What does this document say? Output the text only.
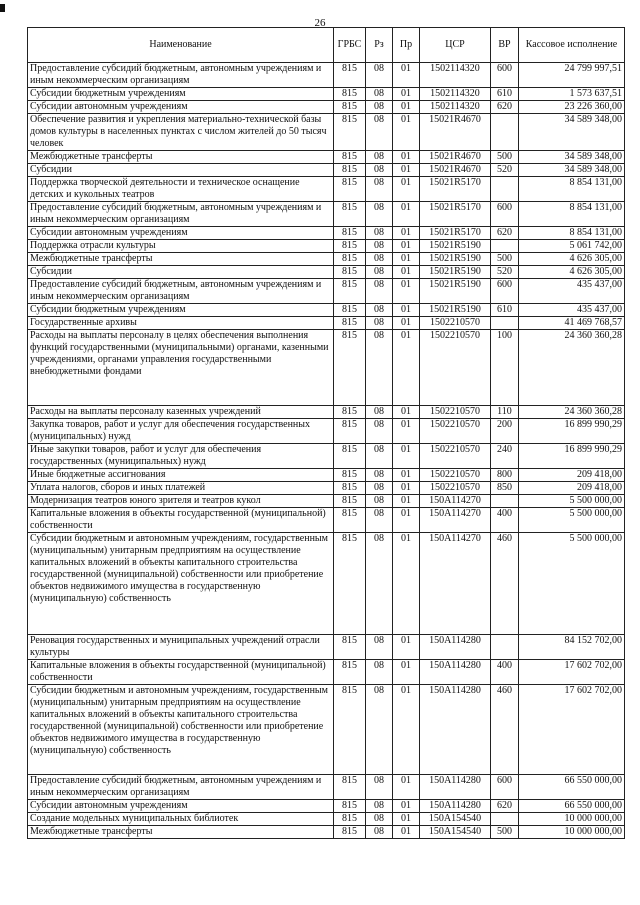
26
Наименование	ГРБС	Рз	Пр	ЦСР	ВР	Кассовое исполнение
Предоставление субсидий бюджетным, автономным учреждениям и иным некоммерческим организациям	815	08	01	1502114320	600	24 799 997,51
Субсидии бюджетным учреждениям	815	08	01	1502114320	610	1 573 637,51
Субсидии автономным учреждениям	815	08	01	1502114320	620	23 226 360,00
Обеспечение развития и укрепления материально-технической базы домов культуры в населенных пунктах с числом жителей до 50 тысяч человек	815	08	01	15021R4670		34 589 348,00
Межбюджетные трансферты	815	08	01	15021R4670	500	34 589 348,00
Субсидии	815	08	01	15021R4670	520	34 589 348,00
Поддержка творческой деятельности и техническое оснащение детских и кукольных театров	815	08	01	15021R5170		8 854 131,00
Предоставление субсидий бюджетным, автономным учреждениям и иным некоммерческим организациям	815	08	01	15021R5170	600	8 854 131,00
Субсидии автономным учреждениям	815	08	01	15021R5170	620	8 854 131,00
Поддержка отрасли культуры	815	08	01	15021R5190		5 061 742,00
Межбюджетные трансферты	815	08	01	15021R5190	500	4 626 305,00
Субсидии	815	08	01	15021R5190	520	4 626 305,00
Предоставление субсидий бюджетным, автономным учреждениям и иным некоммерческим организациям	815	08	01	15021R5190	600	435 437,00
Субсидии бюджетным учреждениям	815	08	01	15021R5190	610	435 437,00
Государственные архивы	815	08	01	1502210570		41 469 768,57
Расходы на выплаты персоналу в целях обеспечения выполнения функций государственными (муниципальными) органами, казенными учреждениями, органами управления государственными внебюджетными фондами	815	08	01	1502210570	100	24 360 360,28
Расходы на выплаты персоналу казенных учреждений	815	08	01	1502210570	110	24 360 360,28
Закупка товаров, работ и услуг для обеспечения государственных (муниципальных) нужд	815	08	01	1502210570	200	16 899 990,29
Иные закупки товаров, работ и услуг для обеспечения государственных (муниципальных) нужд	815	08	01	1502210570	240	16 899 990,29
Иные бюджетные ассигнования	815	08	01	1502210570	800	209 418,00
Уплата налогов, сборов и иных платежей	815	08	01	1502210570	850	209 418,00
Модернизация театров юного зрителя и театров кукол	815	08	01	150A114270		5 500 000,00
Капитальные вложения в объекты государственной (муниципальной) собственности	815	08	01	150A114270	400	5 500 000,00
Субсидии бюджетным и автономным учреждениям, государственным (муниципальным) унитарным предприятиям на осуществление капитальных вложений в объекты капитального строительства государственной (муниципальной) собственности или приобретение объектов недвижимого имущества в государственную (муниципальную) собственность	815	08	01	150A114270	460	5 500 000,00
Реновация государственных и муниципальных учреждений отрасли культуры	815	08	01	150A114280		84 152 702,00
Капитальные вложения в объекты государственной (муниципальной) собственности	815	08	01	150A114280	400	17 602 702,00
Субсидии бюджетным и автономным учреждениям, государственным (муниципальным) унитарным предприятиям на осуществление капитальных вложений в объекты капитального строительства государственной (муниципальной) собственности или приобретение объектов недвижимого имущества в государственную (муниципальную) собственность	815	08	01	150A114280	460	17 602 702,00
Предоставление субсидий бюджетным, автономным учреждениям и иным некоммерческим организациям	815	08	01	150A114280	600	66 550 000,00
Субсидии автономным учреждениям	815	08	01	150A114280	620	66 550 000,00
Создание модельных муниципальных библиотек	815	08	01	150A154540		10 000 000,00
Межбюджетные трансферты	815	08	01	150A154540	500	10 000 000,00
